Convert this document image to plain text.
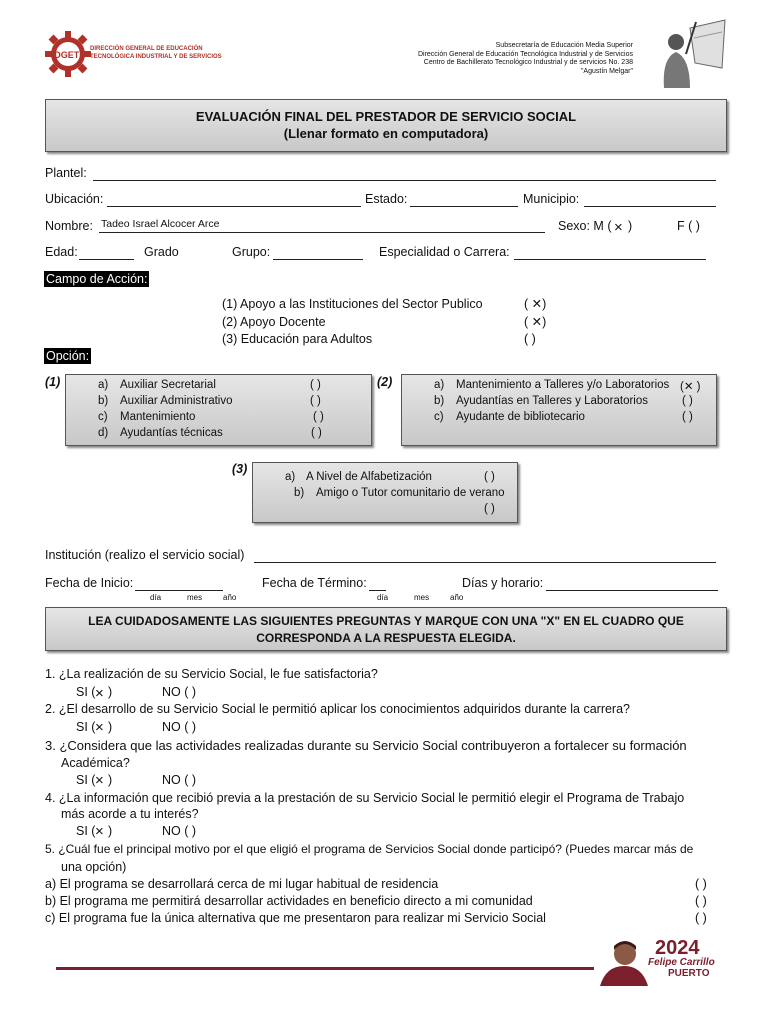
DGETI
DIRECCIÓN GENERAL DE EDUCACIÓN
TECNOLÓGICA INDUSTRIAL Y DE SERVICIOS
Subsecretaría de Educación Media Superior
Dirección General de Educación Tecnológica Industrial y de Servicios
Centro de Bachillerato Tecnológico Industrial y de servicios No. 238
"Agustín Melgar"
EVALUACIÓN FINAL DEL PRESTADOR DE SERVICIO SOCIAL
(Llenar formato en computadora)
Plantel:
Ubicación:	Estado:	Municipio:
Nombre: Tadeo Israel Alcocer Arce	Sexo: M ( × )	F ( )
Edad:	Grado	Grupo:	Especialidad o Carrera:
Campo de Acción:
(1) Apoyo a las Instituciones del Sector Publico	( ✕)
(2) Apoyo Docente	( ✕)
(3) Educación para Adultos	( )
Opción:
(1)	a) Auxiliar Secretarial	( )
b) Auxiliar Administrativo	( )
c) Mantenimiento	( )
d) Ayudantías técnicas	( )
(2)	a) Mantenimiento a Talleres y/o Laboratorios (✕ )
b) Ayudantías en Talleres y Laboratorios	( )
c) Ayudante de bibliotecario	( )
(3)
a) A Nivel de Alfabetización	( )
b) Amigo o Tutor comunitario de verano
( )
Institución (realizo el servicio social)
Fecha de Inicio:
día	mes	año
Fecha de Término:
día	mes	año
Días y horario:
LEA CUIDADOSAMENTE LAS SIGUIENTES PREGUNTAS Y MARQUE CON UNA "X" EN EL CUADRO QUE
CORRESPONDA A LA RESPUESTA ELEGIDA.
1. ¿La realización de su Servicio Social, le fue satisfactoria?
SI ( × )	NO ( )
2. ¿El desarrollo de su Servicio Social le permitió aplicar los conocimientos adquiridos durante la carrera?
SI ( × )	NO ( )
3. ¿Considera que las actividades realizadas durante su Servicio Social contribuyeron a fortalecer su formación
Académica?
SI ( × )	NO ( )
4. ¿La información que recibió previa a la prestación de su Servicio Social le permitió elegir el Programa de Trabajo
más acorde a tu interés?
SI ( × )	NO ( )
5. ¿Cuál fue el principal motivo por el que eligió el programa de Servicios Social donde participó? (Puedes marcar más de
una opción)
a) El programa se desarrollará cerca de mi lugar habitual de residencia	( )
b) El programa me permitirá desarrollar actividades en beneficio directo a mi comunidad	( )
c) El programa fue la única alternativa que me presentaron para realizar mi Servicio Social	( )
2024
Felipe Carrillo
PUERTO
